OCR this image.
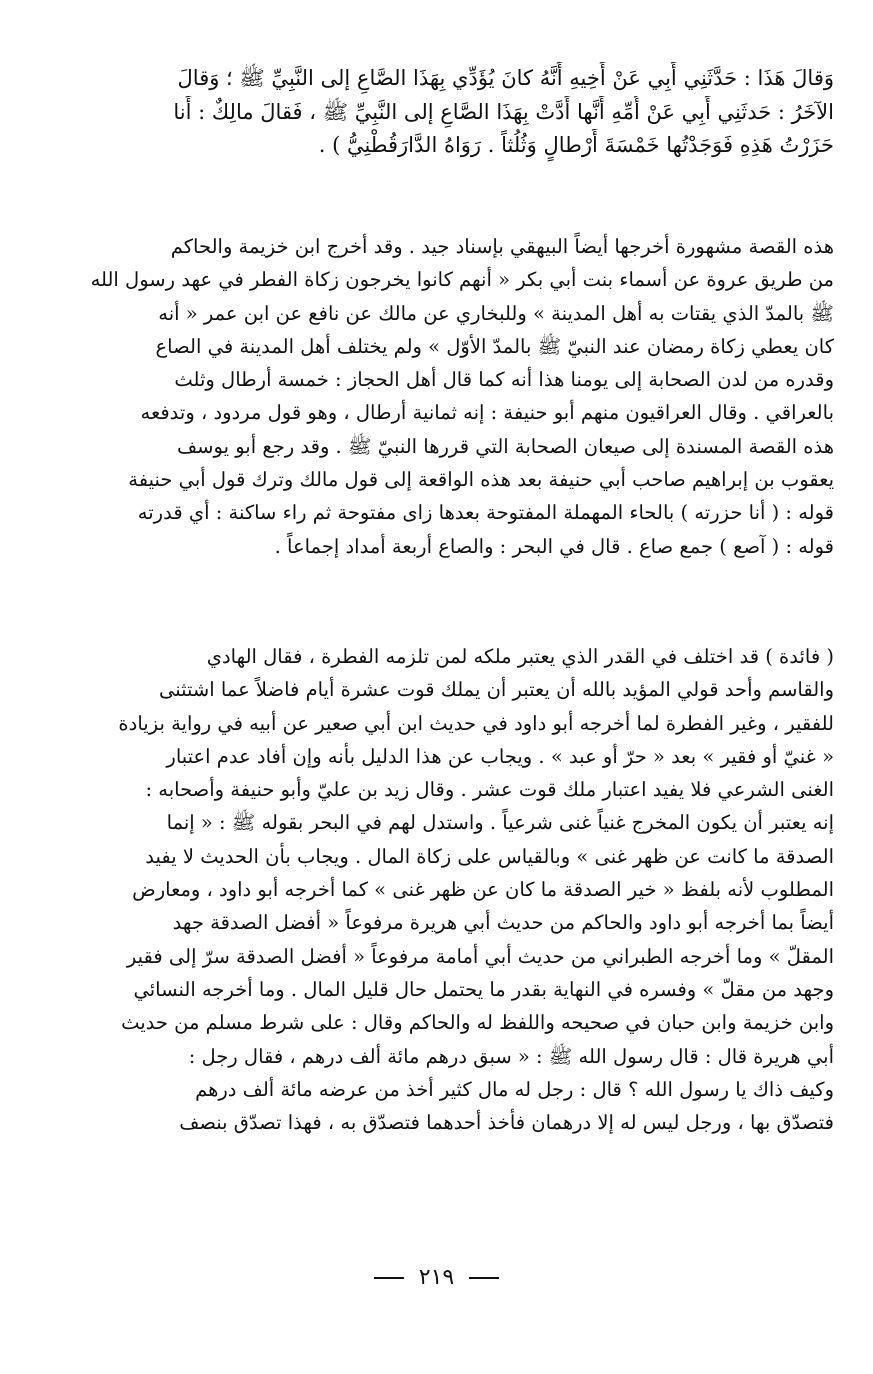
وَقالَ هَذَا : حَدَّثَنِي أَبِي عَنْ أَخِيهِ أَنَّهُ كانَ يُؤَدِّي بِهَذَا الصَّاعِ إلى النَّبِيِّ ﷺ ؛ وَقالَ
الآخَرُ : حَدثَنِي أَبِي عَنْ أُمِّهِ أَنَّها أَدَّتْ بِهَذَا الصَّاعِ إلى النَّبِيِّ ﷺ ، فَقالَ مالِكٌ : أَنا
حَزَرْتُ هَذِهِ فَوَجَدْتُها خَمْسَةَ أَرْطالٍ وَثُلُثاً . رَوَاهُ الدَّارَقُطْنِيُّ ) .
هذه القصة مشهورة أخرجها أيضاً البيهقي بإسناد جيد . وقد أخرج ابن خزيمة والحاكم
من طريق عروة عن أسماء بنت أبي بكر « أنهم كانوا يخرجون زكاة الفطر في عهد رسول الله
ﷺ بالمدّ الذي يقتات به أهل المدينة » وللبخاري عن مالك عن نافع عن ابن عمر « أنه
كان يعطي زكاة رمضان عند النبيّ ﷺ بالمدّ الأوّل » ولم يختلف أهل المدينة في الصاع
وقدره من لدن الصحابة إلى يومنا هذا أنه كما قال أهل الحجاز : خمسة أرطال وثلث
بالعراقي . وقال العراقيون منهم أبو حنيفة : إنه ثمانية أرطال ، وهو قول مردود ، وتدفعه
هذه القصة المسندة إلى صيعان الصحابة التي قررها النبيّ ﷺ . وقد رجع أبو يوسف
يعقوب بن إبراهيم صاحب أبي حنيفة بعد هذه الواقعة إلى قول مالك وترك قول أبي حنيفة
قوله : ( أنا حزرته ) بالحاء المهملة المفتوحة بعدها زاى مفتوحة ثم راء ساكنة : أي قدرته
قوله : ( آصع ) جمع صاع . قال في البحر : والصاع أربعة أمداد إجماعاً .
( فائدة ) قد اختلف في القدر الذي يعتبر ملكه لمن تلزمه الفطرة ، فقال الهادي
والقاسم وأحد قولي المؤيد بالله أن يعتبر أن يملك قوت عشرة أيام فاضلاً عما اشتثنى
للفقير ، وغير الفطرة لما أخرجه أبو داود في حديث ابن أبي صعير عن أبيه في رواية بزيادة
« غنيّ أو فقير » بعد « حرّ أو عبد » . ويجاب عن هذا الدليل بأنه وإن أفاد عدم اعتبار
الغنى الشرعي فلا يفيد اعتبار ملك قوت عشر . وقال زيد بن عليّ وأبو حنيفة وأصحابه :
إنه يعتبر أن يكون المخرج غنياً غنى شرعياً . واستدل لهم في البحر بقوله ﷺ : « إنما
الصدقة ما كانت عن ظهر غنى » وبالقياس على زكاة المال . ويجاب بأن الحديث لا يفيد
المطلوب لأنه بلفظ « خير الصدقة ما كان عن ظهر غنى » كما أخرجه أبو داود ، ومعارض
أيضاً بما أخرجه أبو داود والحاكم من حديث أبي هريرة مرفوعاً « أفضل الصدقة جهد
المقلّ » وما أخرجه الطبراني من حديث أبي أمامة مرفوعاً « أفضل الصدقة سرّ إلى فقير
وجهد من مقلّ » وفسره في النهاية بقدر ما يحتمل حال قليل المال . وما أخرجه النسائي
وابن خزيمة وابن حبان في صحيحه واللفظ له والحاكم وقال : على شرط مسلم من حديث
أبي هريرة قال : قال رسول الله ﷺ : « سبق درهم مائة ألف درهم ، فقال رجل :
وكيف ذاك يا رسول الله ؟ قال : رجل له مال كثير أخذ من عرضه مائة ألف درهم
فتصدّق بها ، ورجل ليس له إلا درهمان فأخذ أحدهما فتصدّق به ، فهذا تصدّق بنصف
٢١٩
